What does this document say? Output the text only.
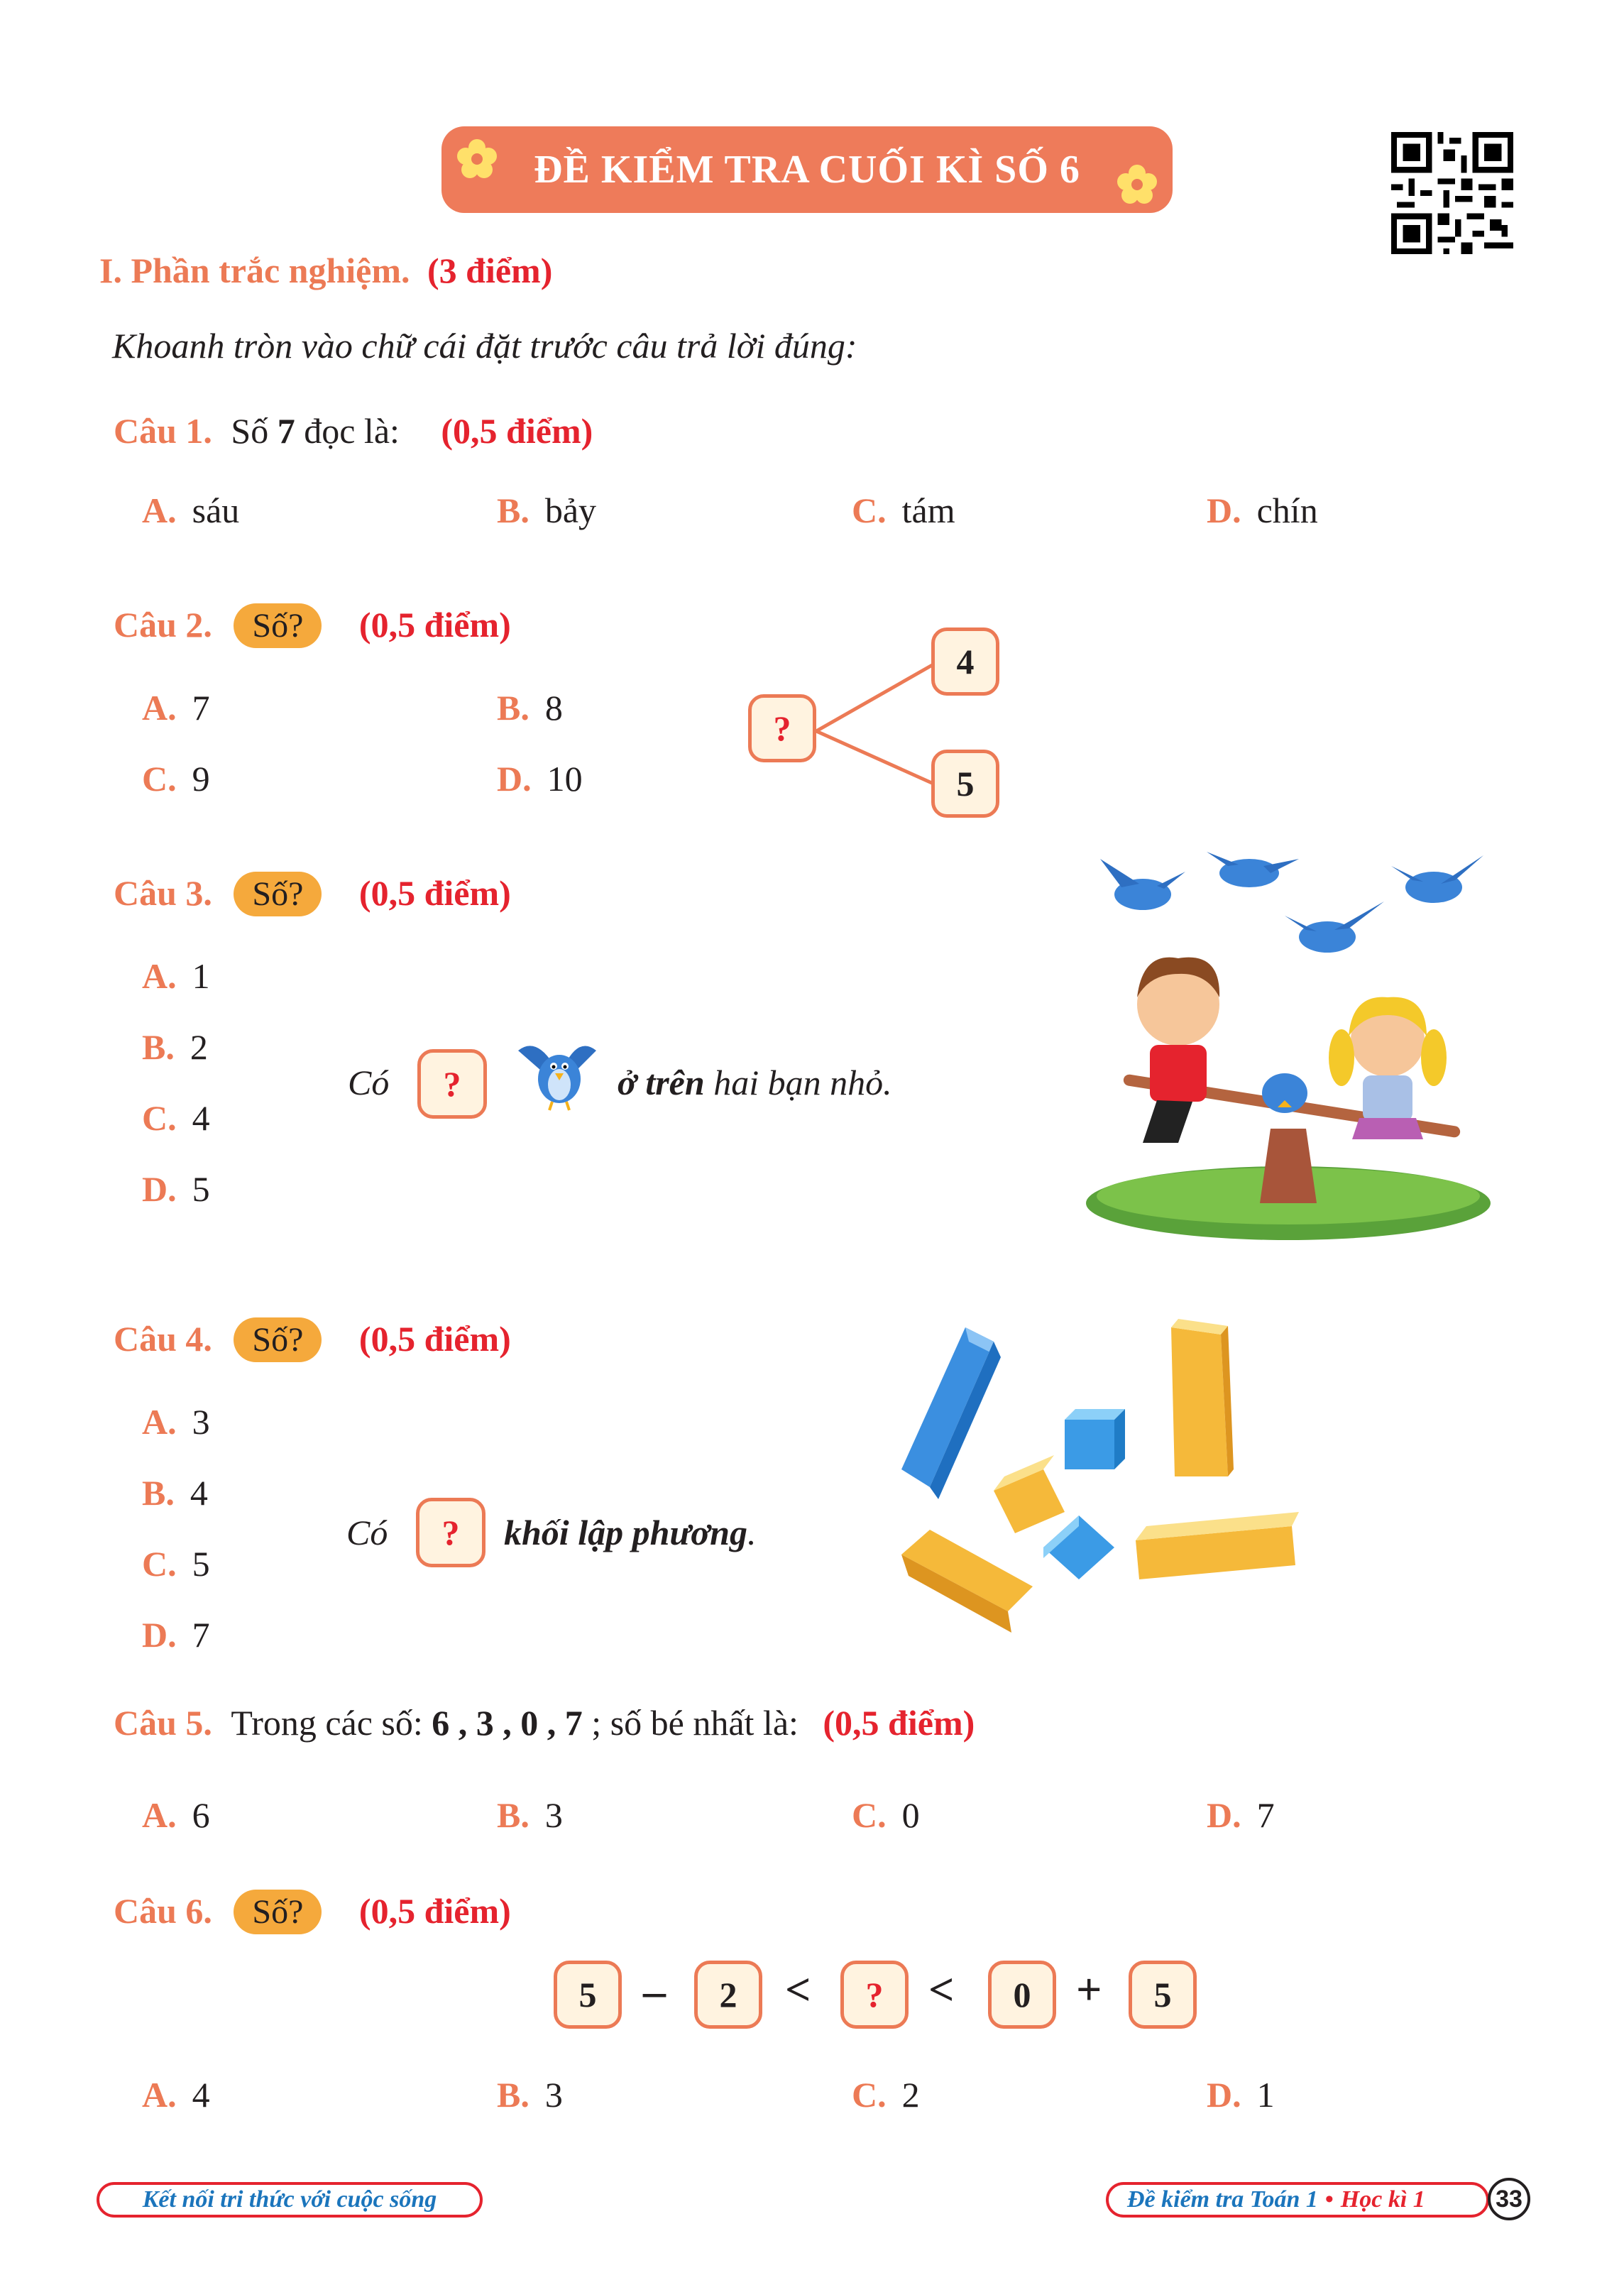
ĐỀ KIỂM TRA CUỐI KÌ SỐ 6
I. Phần trắc nghiệm. (3 điểm)
Khoanh tròn vào chữ cái đặt trước câu trả lời đúng:
Câu 1. Số 7 đọc là: (0,5 điểm)
A. sáu	B. bảy	C. tám	D. chín
Câu 2. Số? (0,5 điểm)
A. 7	B. 8
C. 9	D. 10
?
4
5
Câu 3. Số? (0,5 điểm)
A. 1
B. 2
C. 4
D. 5
Có	?	ở trên hai bạn nhỏ.
Câu 4. Số? (0,5 điểm)
A. 3
B. 4
C. 5
D. 7
Có	?	khối lập phương.
Câu 5. Trong các số: 6 , 3 , 0 , 7 ; số bé nhất là: (0,5 điểm)
A. 6	B. 3	C. 0	D. 7
Câu 6. Số? (0,5 điểm)
5	–	2	<	? <	0 +	5
A. 4	B. 3	C. 2	D. 1
Kết nối tri thức với cuộc sống	Đề kiểm tra Toán 1 • Học kì 1	33
